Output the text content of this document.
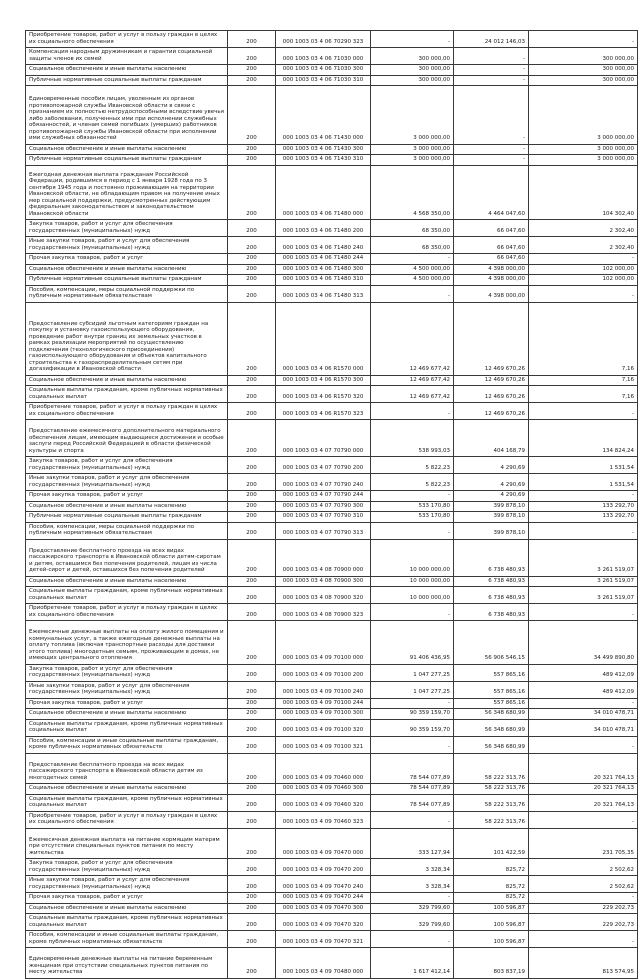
Приобретение товаров, работ и услуг в пользу граждан в целях их социального обеспечения	200	000 1003 03 4 06 70290 323	-	24 012 146,03	-
Компенсация народным дружинникам и гарантии социальной защиты членов их семей	200	000 1003 03 4 06 71030 000	300 000,00	-	300 000,00
Социальное обеспечение и иные выплаты населению	200	000 1003 03 4 06 71030 300	300 000,00	-	300 000,00
Публичные нормативные социальные выплаты гражданам	200	000 1003 03 4 06 71030 310	300 000,00	-	300 000,00
Единовременные пособия лицам, уволенным из органов противопожарной службы Ивановской области в связи с признанием их полностью нетрудоспособными вследствие увечья либо заболевания, полученных ими при исполнении служебных обязанностей, и членам семей погибших (умерших) работников противопожарной службы Ивановской области при исполнении ими служебных обязанностей	200	000 1003 03 4 06 71430 000	3 000 000,00	-	3 000 000,00
Социальное обеспечение и иные выплаты населению	200	000 1003 03 4 06 71430 300	3 000 000,00	-	3 000 000,00
Публичные нормативные социальные выплаты гражданам	200	000 1003 03 4 06 71430 310	3 000 000,00	-	3 000 000,00
Ежегодная денежная выплата гражданам Российской Федерации, родившимся в период с 1 января 1928 года по 3 сентября 1945 года и постоянно проживающим на территории Ивановской области, не обладающим правом на получение иных мер социальной поддержки, предусмотренных действующим федеральным законодательством и законодательством Ивановской области	200	000 1003 03 4 06 71480 000	4 568 350,00	4 464 047,60	104 302,40
Закупка товаров, работ и услуг для обеспечения государственных (муниципальных) нужд	200	000 1003 03 4 06 71480 200	68 350,00	66 047,60	2 302,40
Иные закупки товаров, работ и услуг для обеспечения государственных (муниципальных) нужд	200	000 1003 03 4 06 71480 240	68 350,00	66 047,60	2 302,40
Прочая закупка товаров, работ и услуг	200	000 1003 03 4 06 71480 244	-	66 047,60	-
Социальное обеспечение и иные выплаты населению	200	000 1003 03 4 06 71480 300	4 500 000,00	4 398 000,00	102 000,00
Публичные нормативные социальные выплаты гражданам	200	000 1003 03 4 06 71480 310	4 500 000,00	4 398 000,00	102 000,00
Пособия, компенсации, меры социальной поддержки по публичным нормативным обязательствам	200	000 1003 03 4 06 71480 313	-	4 398 000,00	-
Предоставление субсидий льготным категориям граждан на покупку и установку газоиспользующего оборудования, проведение работ внутри границ их земельных участков в рамках реализации мероприятий по осуществлению подключения (технологического присоединения) газоиспользующего оборудования и объектов капитального строительства к газораспределительным сетям при догазификации в Ивановской области	200	000 1003 03 4 06 R1570 000	12 469 677,42	12 469 670,26	7,16
Социальное обеспечение и иные выплаты населению	200	000 1003 03 4 06 R1570 300	12 469 677,42	12 469 670,26	7,16
Социальные выплаты гражданам, кроме публичных нормативных социальных выплат	200	000 1003 03 4 06 R1570 320	12 469 677,42	12 469 670,26	7,16
Приобретение товаров, работ и услуг в пользу граждан в целях их социального обеспечения	200	000 1003 03 4 06 R1570 323	-	12 469 670,26	-
Предоставление ежемесячного дополнительного материального обеспечения лицам, имеющим выдающиеся достижения и особые заслуги перед Российской Федерацией в области физической культуры и спорта	200	000 1003 03 4 07 70790 000	538 993,03	404 168,79	134 824,24
Закупка товаров, работ и услуг для обеспечения государственных (муниципальных) нужд	200	000 1003 03 4 07 70790 200	5 822,23	4 290,69	1 531,54
Иные закупки товаров, работ и услуг для обеспечения государственных (муниципальных) нужд	200	000 1003 03 4 07 70790 240	5 822,23	4 290,69	1 531,54
Прочая закупка товаров, работ и услуг	200	000 1003 03 4 07 70790 244	-	4 290,69	-
Социальное обеспечение и иные выплаты населению	200	000 1003 03 4 07 70790 300	533 170,80	399 878,10	133 292,70
Публичные нормативные социальные выплаты гражданам	200	000 1003 03 4 07 70790 310	533 170,80	399 878,10	133 292,70
Пособия, компенсации, меры социальной поддержки по публичным нормативным обязательствам	200	000 1003 03 4 07 70790 313	-	399 878,10	-
Предоставление бесплатного проезда на всех видах пассажирского транспорта в Ивановской области детям-сиротам и детям, оставшимся без попечения родителей, лицам из числа детей-сирот и детей, оставшихся без попечения родителей	200	000 1003 03 4 08 70900 000	10 000 000,00	6 738 480,93	3 261 519,07
Социальное обеспечение и иные выплаты населению	200	000 1003 03 4 08 70900 300	10 000 000,00	6 738 480,93	3 261 519,07
Социальные выплаты гражданам, кроме публичных нормативных социальных выплат	200	000 1003 03 4 08 70900 320	10 000 000,00	6 738 480,93	3 261 519,07
Приобретение товаров, работ и услуг в пользу граждан в целях их социального обеспечения	200	000 1003 03 4 08 70900 323	-	6 738 480,93	-
Ежемесячные денежные выплаты на оплату жилого помещения и коммунальных услуг, а также ежегодные денежные выплаты на оплату топлива (включая транспортные расходы для доставки этого топлива) многодетным семьям, проживающим в домах, не имеющих центрального отопления	200	000 1003 03 4 09 70100 000	91 406 436,95	56 906 546,15	34 499 890,80
Закупка товаров, работ и услуг для обеспечения государственных (муниципальных) нужд	200	000 1003 03 4 09 70100 200	1 047 277,25	557 865,16	489 412,09
Иные закупки товаров, работ и услуг для обеспечения государственных (муниципальных) нужд	200	000 1003 03 4 09 70100 240	1 047 277,25	557 865,16	489 412,09
Прочая закупка товаров, работ и услуг	200	000 1003 03 4 09 70100 244	-	557 865,16	-
Социальное обеспечение и иные выплаты населению	200	000 1003 03 4 09 70100 300	90 359 159,70	56 348 680,99	34 010 478,71
Социальные выплаты гражданам, кроме публичных нормативных социальных выплат	200	000 1003 03 4 09 70100 320	90 359 159,70	56 348 680,99	34 010 478,71
Пособия, компенсации и иные социальные выплаты гражданам, кроме публичных нормативных обязательств	200	000 1003 03 4 09 70100 321	-	56 348 680,99	-
Предоставление бесплатного проезда на всех видах пассажирского транспорта в Ивановской области детям из многодетных семей	200	000 1003 03 4 09 70460 000	78 544 077,89	58 222 313,76	20 321 764,13
Социальное обеспечение и иные выплаты населению	200	000 1003 03 4 09 70460 300	78 544 077,89	58 222 313,76	20 321 764,13
Социальные выплаты гражданам, кроме публичных нормативных социальных выплат	200	000 1003 03 4 09 70460 320	78 544 077,89	58 222 313,76	20 321 764,13
Приобретение товаров, работ и услуг в пользу граждан в целях их социального обеспечения	200	000 1003 03 4 09 70460 323	-	58 222 313,76	-
Ежемесячная денежная выплата на питание кормящим матерям при отсутствии специальных пунктов питания по месту жительства	200	000 1003 03 4 09 70470 000	333 127,94	101 422,59	231 705,35
Закупка товаров, работ и услуг для обеспечения государственных (муниципальных) нужд	200	000 1003 03 4 09 70470 200	3 328,34	825,72	2 502,62
Иные закупки товаров, работ и услуг для обеспечения государственных (муниципальных) нужд	200	000 1003 03 4 09 70470 240	3 328,34	825,72	2 502,62
Прочая закупка товаров, работ и услуг	200	000 1003 03 4 09 70470 244	-	825,72	-
Социальное обеспечение и иные выплаты населению	200	000 1003 03 4 09 70470 300	329 799,60	100 596,87	229 202,73
Социальные выплаты гражданам, кроме публичных нормативных социальных выплат	200	000 1003 03 4 09 70470 320	329 799,60	100 596,87	229 202,73
Пособия, компенсации и иные социальные выплаты гражданам, кроме публичных нормативных обязательств	200	000 1003 03 4 09 70470 321	-	100 596,87	-
Единовременные денежные выплаты на питание беременным женщинам при отсутствии специальных пунктов питания по месту жительства	200	000 1003 03 4 09 70480 000	1 617 412,14	803 837,19	813 574,95
